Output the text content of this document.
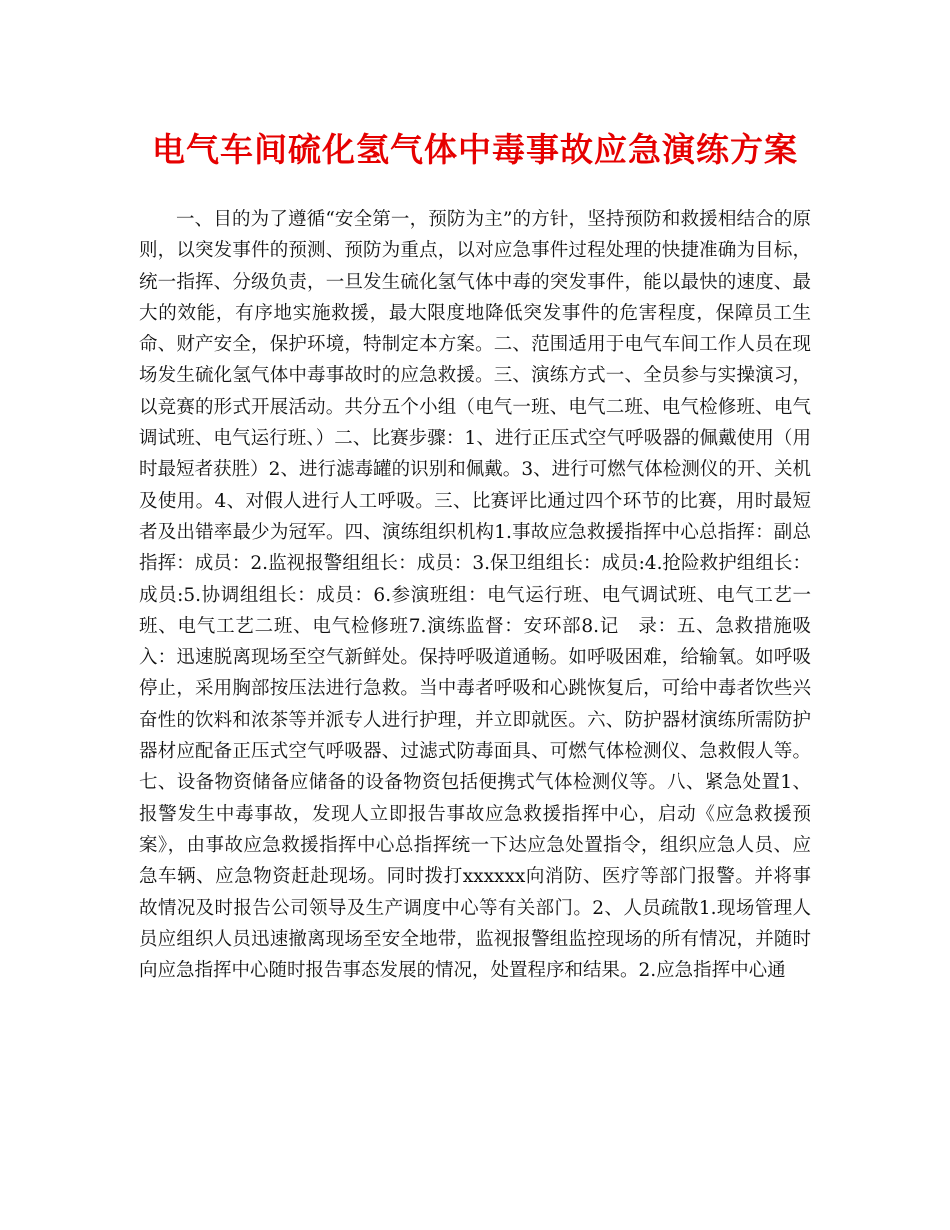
电气车间硫化氢气体中毒事故应急演练方案

一、目的为了遵循“安全第一，预防为主”的方针，坚持预防和救援相结合的原则，以突发事件的预测、预防为重点，以对应急事件过程处理的快捷准确为目标，统一指挥、分级负责，一旦发生硫化氢气体中毒的突发事件，能以最快的速度、最大的效能，有序地实施救援，最大限度地降低突发事件的危害程度，保障员工生命、财产安全，保护环境，特制定本方案。二、范围适用于电气车间工作人员在现场发生硫化氢气体中毒事故时的应急救援。三、演练方式一、全员参与实操演习，以竞赛的形式开展活动。共分五个小组（电气一班、电气二班、电气检修班、电气调试班、电气运行班、）二、比赛步骤：1、进行正压式空气呼吸器的佩戴使用（用时最短者获胜）2、进行滤毒罐的识别和佩戴。3、进行可燃气体检测仪的开、关机及使用。4、对假人进行人工呼吸。三、比赛评比通过四个环节的比赛，用时最短者及出错率最少为冠军。四、演练组织机构1.事故应急救援指挥中心总指挥：副总指挥：成员：2.监视报警组组长：成员：3.保卫组组长：成员:4.抢险救护组组长：成员:5.协调组组长：成员：6.参演班组：电气运行班、电气调试班、电气工艺一班、电气工艺二班、电气检修班7.演练监督：安环部8.记　录：五、急救措施吸入：迅速脱离现场至空气新鲜处。保持呼吸道通畅。如呼吸困难，给输氧。如呼吸停止，采用胸部按压法进行急救。当中毒者呼吸和心跳恢复后，可给中毒者饮些兴奋性的饮料和浓茶等并派专人进行护理，并立即就医。六、防护器材演练所需防护器材应配备正压式空气呼吸器、过滤式防毒面具、可燃气体检测仪、急救假人等。七、设备物资储备应储备的设备物资包括便携式气体检测仪等。八、紧急处置1、报警发生中毒事故，发现人立即报告事故应急救援指挥中心，启动《应急救援预案》，由事故应急救援指挥中心总指挥统一下达应急处置指令，组织应急人员、应急车辆、应急物资赶赴现场。同时拨打xxxxxx向消防、医疗等部门报警。并将事故情况及时报告公司领导及生产调度中心等有关部门。2、人员疏散1.现场管理人员应组织人员迅速撤离现场至安全地带，监视报警组监控现场的所有情况，并随时向应急指挥中心随时报告事态发展的情况，处置程序和结果。2.应急指挥中心通
